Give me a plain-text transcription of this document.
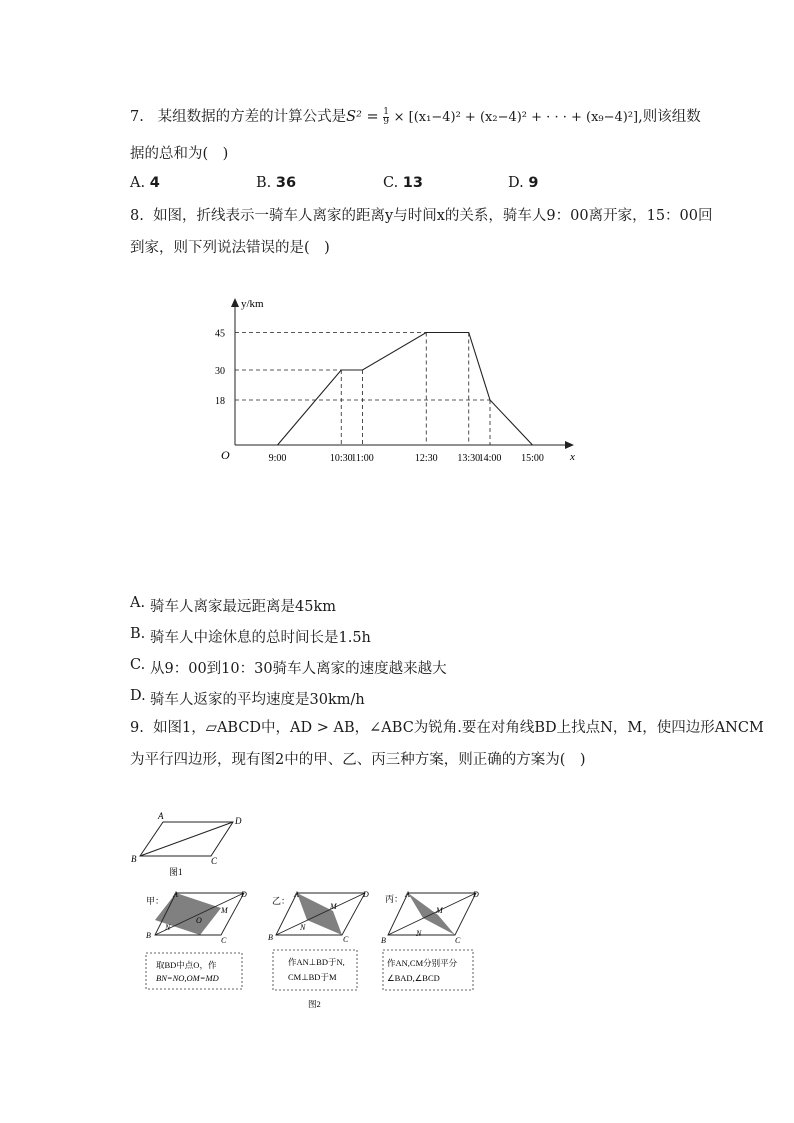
7. 某组数据的方差的计算公式是$S^2 = \frac{1}{9} \times [(x_1-4)^2 + (x_2-4)^2$ + · · · + (x₉−4)²],则该组数
据的总和为(　)
A. 4	B. 36	C. 13	D. 9
8. 如图，折线表示一骑车人离家的距离y与时间x的关系，骑车人9：00离开家，15：00回
到家，则下列说法错误的是(　)
x
y/km
O
18
30
45
9:00	10:30
11:00	12:30 13:30
14:00 15:00
骑车人离家最远距离是45km
A.
骑车人中途休息的总时间长是1.5h
B.
从9：00到10：30骑车人离家的速度越来越大
C.
骑车人返家的平均速度是30km/h
D.
9. 如图1，▱ABCD中，AD > AB，∠ABC为锐角.要在对角线BD上找点N，M，使四边形ANCM
为平行四边形，现有图2中的甲、乙、丙三种方案，则正确的方案为(　)
A
B	C
D
图1
甲：
A
B
C
D
M
N
O
取BD中点O，作
BN=NO,OM=MD
乙：
A
B	C
D
M
N
作AN⊥BD于N,
CM⊥BD于M
图2
丙： A
B	C
D
M
N
作AN,CM分别平分
∠BAD,∠BCD
